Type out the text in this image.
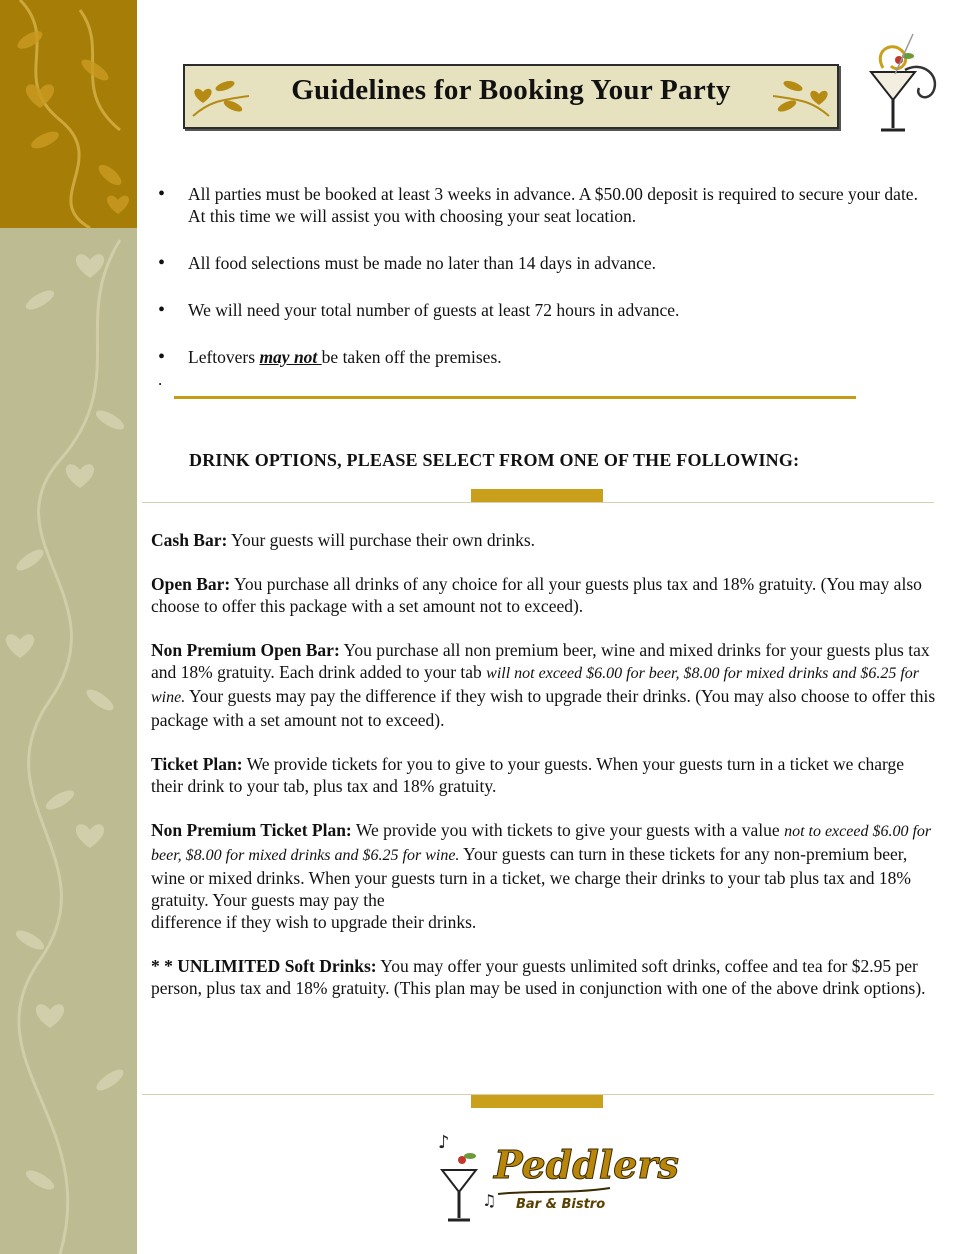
Guidelines for Booking Your Party
• All parties must be booked at least 3 weeks in advance. A $50.00 deposit is required to secure your date. At this time we will assist you with choosing your seat location.
• All food selections must be made no later than 14 days in advance.
• We will need your total number of guests at least 72 hours in advance.
• Leftovers may not be taken off the premises.
.
DRINK OPTIONS, PLEASE SELECT FROM ONE OF THE FOLLOWING:

Cash Bar: Your guests will purchase their own drinks.

Open Bar: You purchase all drinks of any choice for all your guests plus tax and 18% gratuity. (You may also choose to offer this package with a set amount not to exceed).

Non Premium Open Bar: You purchase all non premium beer, wine and mixed drinks for your guests plus tax and 18% gratuity. Each drink added to your tab will not exceed $6.00 for beer, $8.00 for mixed drinks and $6.25 for wine. Your guests may pay the difference if they wish to upgrade their drinks. (You may also choose to offer this package with a set amount not to exceed).

Ticket Plan: We provide tickets for you to give to your guests. When your guests turn in a ticket we charge their drink to your tab, plus tax and 18% gratuity.

Non Premium Ticket Plan: We provide you with tickets to give your guests with a value not to exceed $6.00 for beer, $8.00 for mixed drinks and $6.25 for wine. Your guests can turn in these tickets for any non-premium beer, wine or mixed drinks. When your guests turn in a ticket, we charge their drinks to your tab plus tax and 18% gratuity. Your guests may pay the
difference if they wish to upgrade their drinks.

* * UNLIMITED Soft Drinks: You may offer your guests unlimited soft drinks, coffee and tea for $2.95 per person, plus tax and 18% gratuity. (This plan may be used in conjunction with one of the above drink options).

♪
♫
Peddlers
Bar & Bistro
